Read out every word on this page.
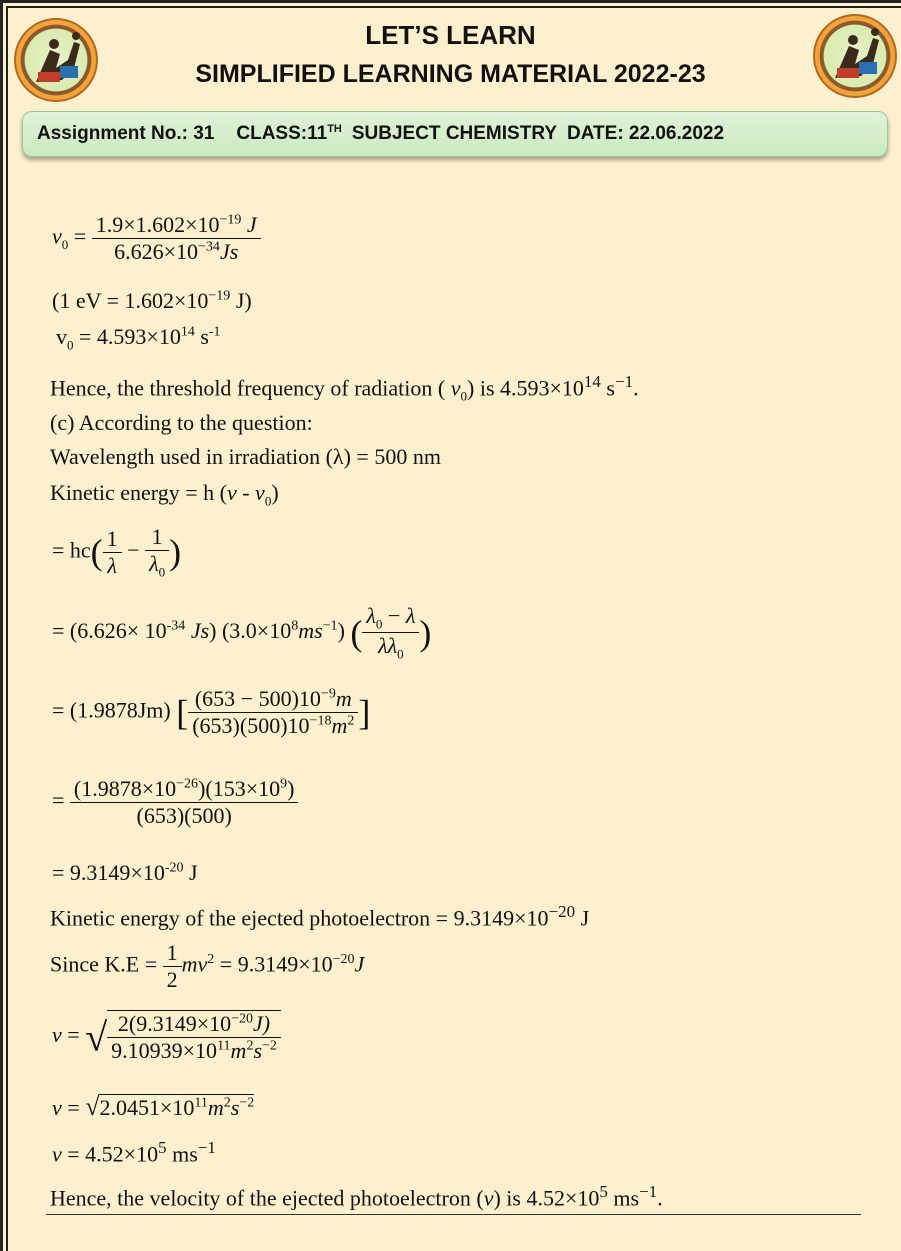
LET’S LEARN
SIMPLIFIED LEARNING MATERIAL 2022-23
Assignment No.: 31 CLASS:11TH SUBJECT CHEMISTRY DATE: 22.06.2022
$v_0 = \frac{1.9\times 1.602\times 10^{-19} J}{6.626\times 10^{-34}Js}$
(1 eV = $1.602\times 10^{-19}$ J)
$v_0 = 4.593\times 10^{14}$ $s^{-1}$
Hence, the threshold frequency of radiation ( $v_0$) is $4.593\times 10^{14}$ $s^{-1}$.
(c) According to the question:
Wavelength used in irradiation (λ) = 500 nm
Kinetic energy = h $(v - v_0)$
= $hc( \frac{1}{\lambda} - \frac{1}{\lambda_0}$ )
= ($6.626\times 10^{-34}$ Js) $(3.0\times 10^8ms^{-1})$ ( $\frac{\lambda_0 - \lambda}{\lambda\lambda_0}$ )
= (1.9878Jm) [ $\frac{(653 - 500)10^{-9}m}{(653)(500)10^{-18}m^2}$ ]
= $\frac{(1.9878\times 10^{-26})(153\times 10^9)}{(653)(500)}$
= $9.3149\times 10^{-20}$ J
Kinetic energy of the ejected photoelectron = $9.3149\times 10^{-20}$ J
Since $K.E = \frac{1}{2} mv^2 = 9.3149\times 10^{-20}J$
v = √ $\frac{2(9.3149\times 10^{-20}J)}{9.10939\times 10^{11}m^2s^{-2}}$
$v = √2.0451\times 10^{11}m^2s^{-2}$
$v = 4.52\times 10^5$ $ms^{-1}$
Hence, the velocity of the ejected photoelectron (v) is $4.52\times 10^5$ $ms^{-1}$.
